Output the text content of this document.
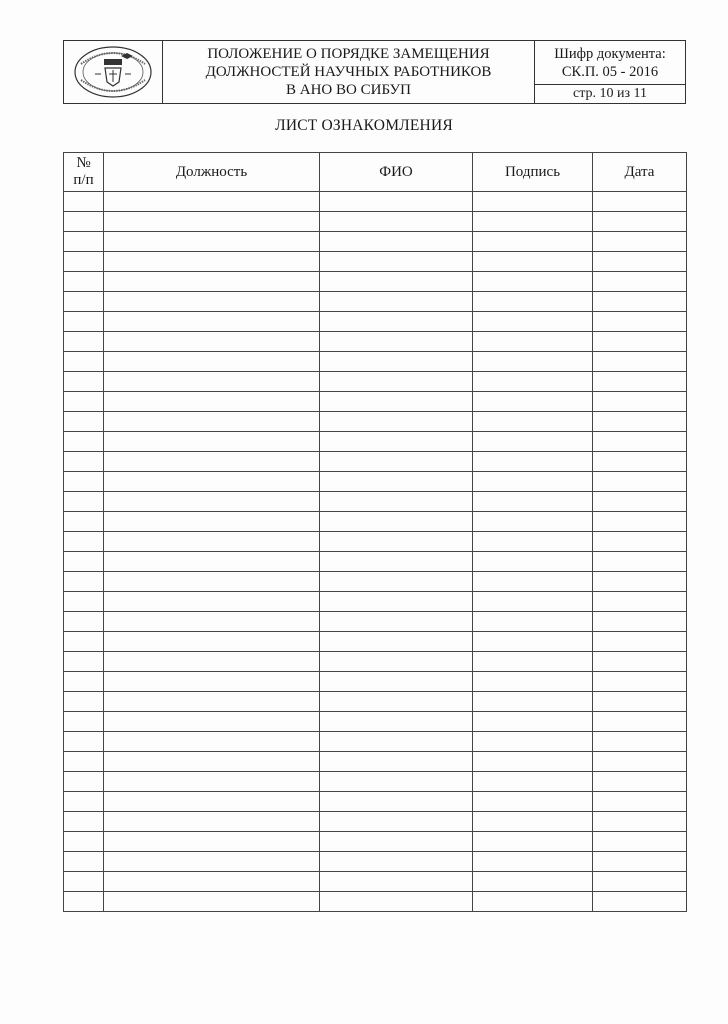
ПОЛОЖЕНИЕ О ПОРЯДКЕ ЗАМЕЩЕНИЯ
ДОЛЖНОСТЕЙ НАУЧНЫХ РАБОТНИКОВ
В АНО ВО СИБУП
Шифр документа:
СК.П. 05 - 2016
стр. 10 из 11
ЛИСТ ОЗНАКОМЛЕНИЯ
№
п/п	Должность	ФИО	Подпись	Дата
